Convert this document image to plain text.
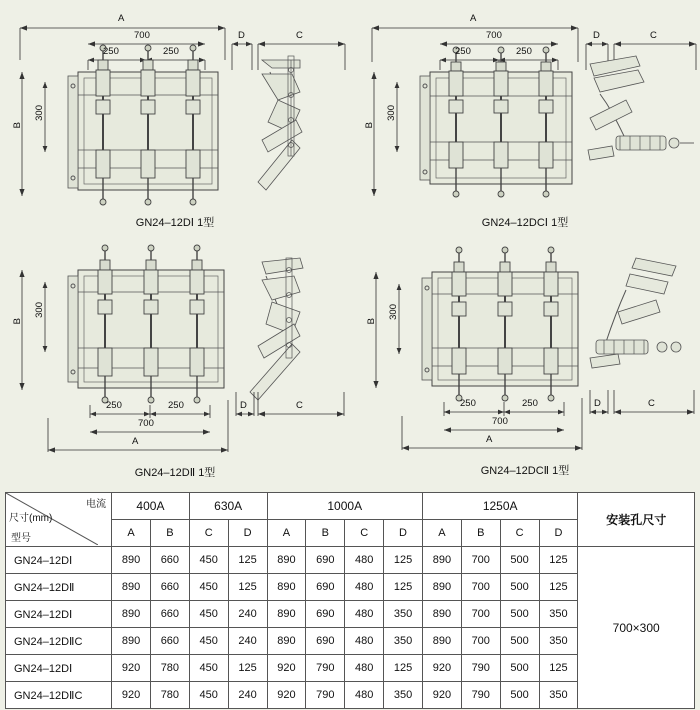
A
700
250	250
B
300
D	C
GN24–12DⅠ 1型
A
700
250	250
B
300
D	C
GN24–12DCⅠ 1型
B
300
250	250
700
A
D	C
GN24–12DⅡ 1型
B
300
250	250
700
A
D	C
GN24–12DCⅡ 1型
电流
型号
尺寸(mm)	400A		630A		1000A				1250A				安装孔尺寸
	A	B	C	D	A	B	C	D	A	B	C	D	
GN24–12DⅠ	890	660	450	125	890	690	480	125	890	700	500	125	700×300
GN24–12DⅡ	890	660	450	125	890	690	480	125	890	700	500	125	
GN24–12DⅠ	890	660	450	240	890	690	480	350	890	700	500	350	
GN24–12DⅡC	890	660	450	240	890	690	480	350	890	700	500	350	
GN24–12DⅠ	920	780	450	125	920	790	480	125	920	790	500	125	
GN24–12DⅡC	920	780	450	240	920	790	480	350	920	790	500	350	
